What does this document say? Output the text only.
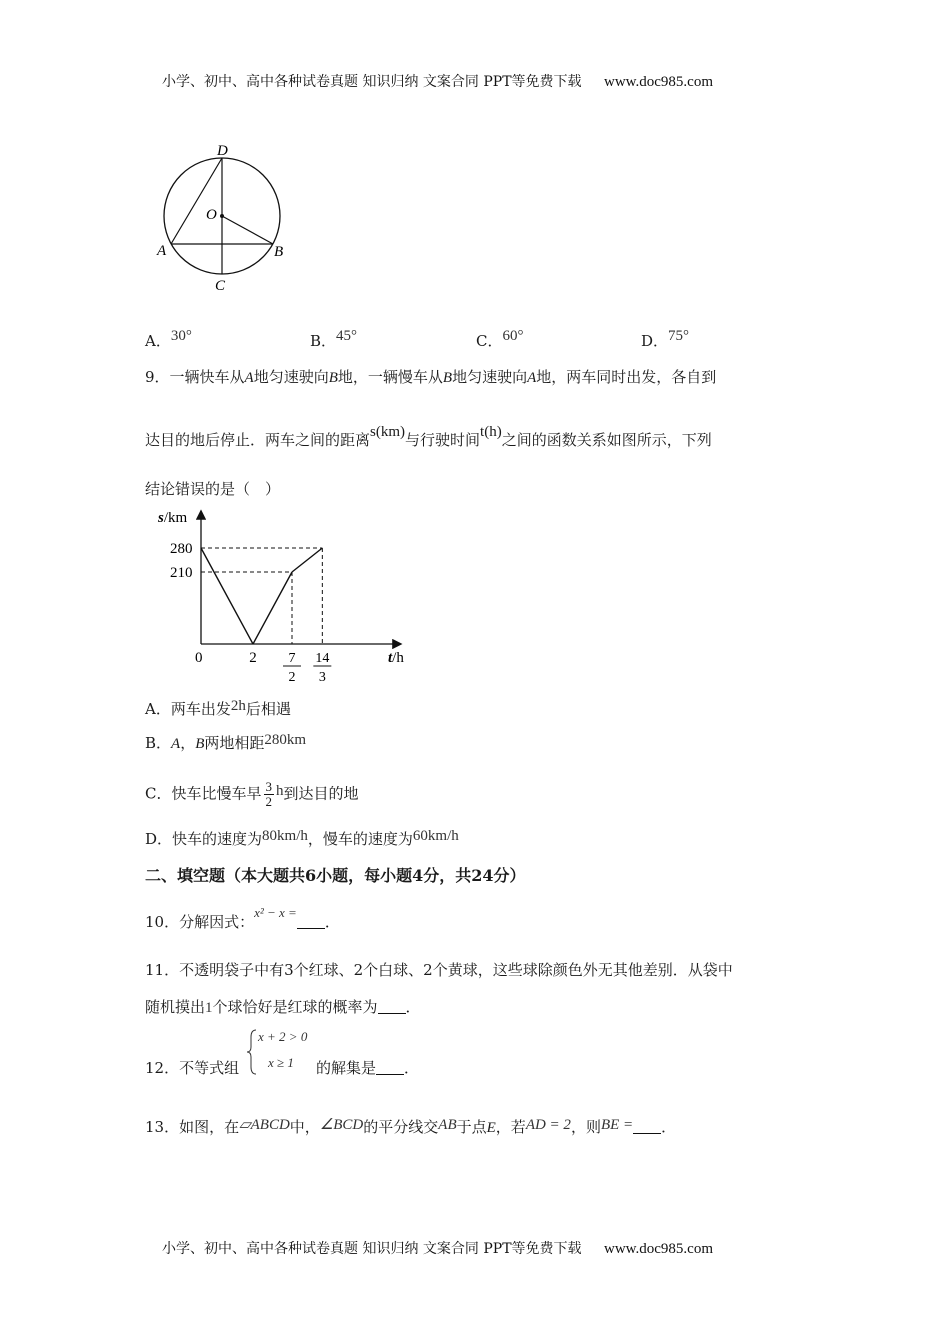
小学、初中、高中各种试卷真题 知识归纳 文案合同 PPT等免费下载 www.doc985.com
D
O
A	B
C
A．30°	B．45°	C．60°	D．75°
9．一辆快车从A地匀速驶向B地，一辆慢车从B地匀速驶向A地，两车同时出发，各自到
达目的地后停止．两车之间的距离s(km)与行驶时间t(h)之间的函数关系如图所示，下列
结论错误的是（　）
s/km
t/h
0
280
210
2 7
2
14
3
A．两车出发2h后相遇
B．A，B两地相距280km
C．快车比慢车早 $\frac{3}{2}$ h到达目的地
D．快车的速度为80km/h，慢车的速度为60km/h
二、填空题（本大题共6小题，每小题4分，共24分）
10．分解因式：x² − x =．
11．不透明袋子中有3个红球、2个白球、2个黄球，这些球除颜色外无其他差别．从袋中
随机摸出1个球恰好是红球的概率为 ．
12．不等式组
x + 2 > 0
x ≥ 1 的解集是 ．
13．如图，在▱ABCD中，∠BCD的平分线交AB于点E，若AD = 2，则BE = ．
小学、初中、高中各种试卷真题 知识归纳 文案合同 PPT等免费下载 www.doc985.com
